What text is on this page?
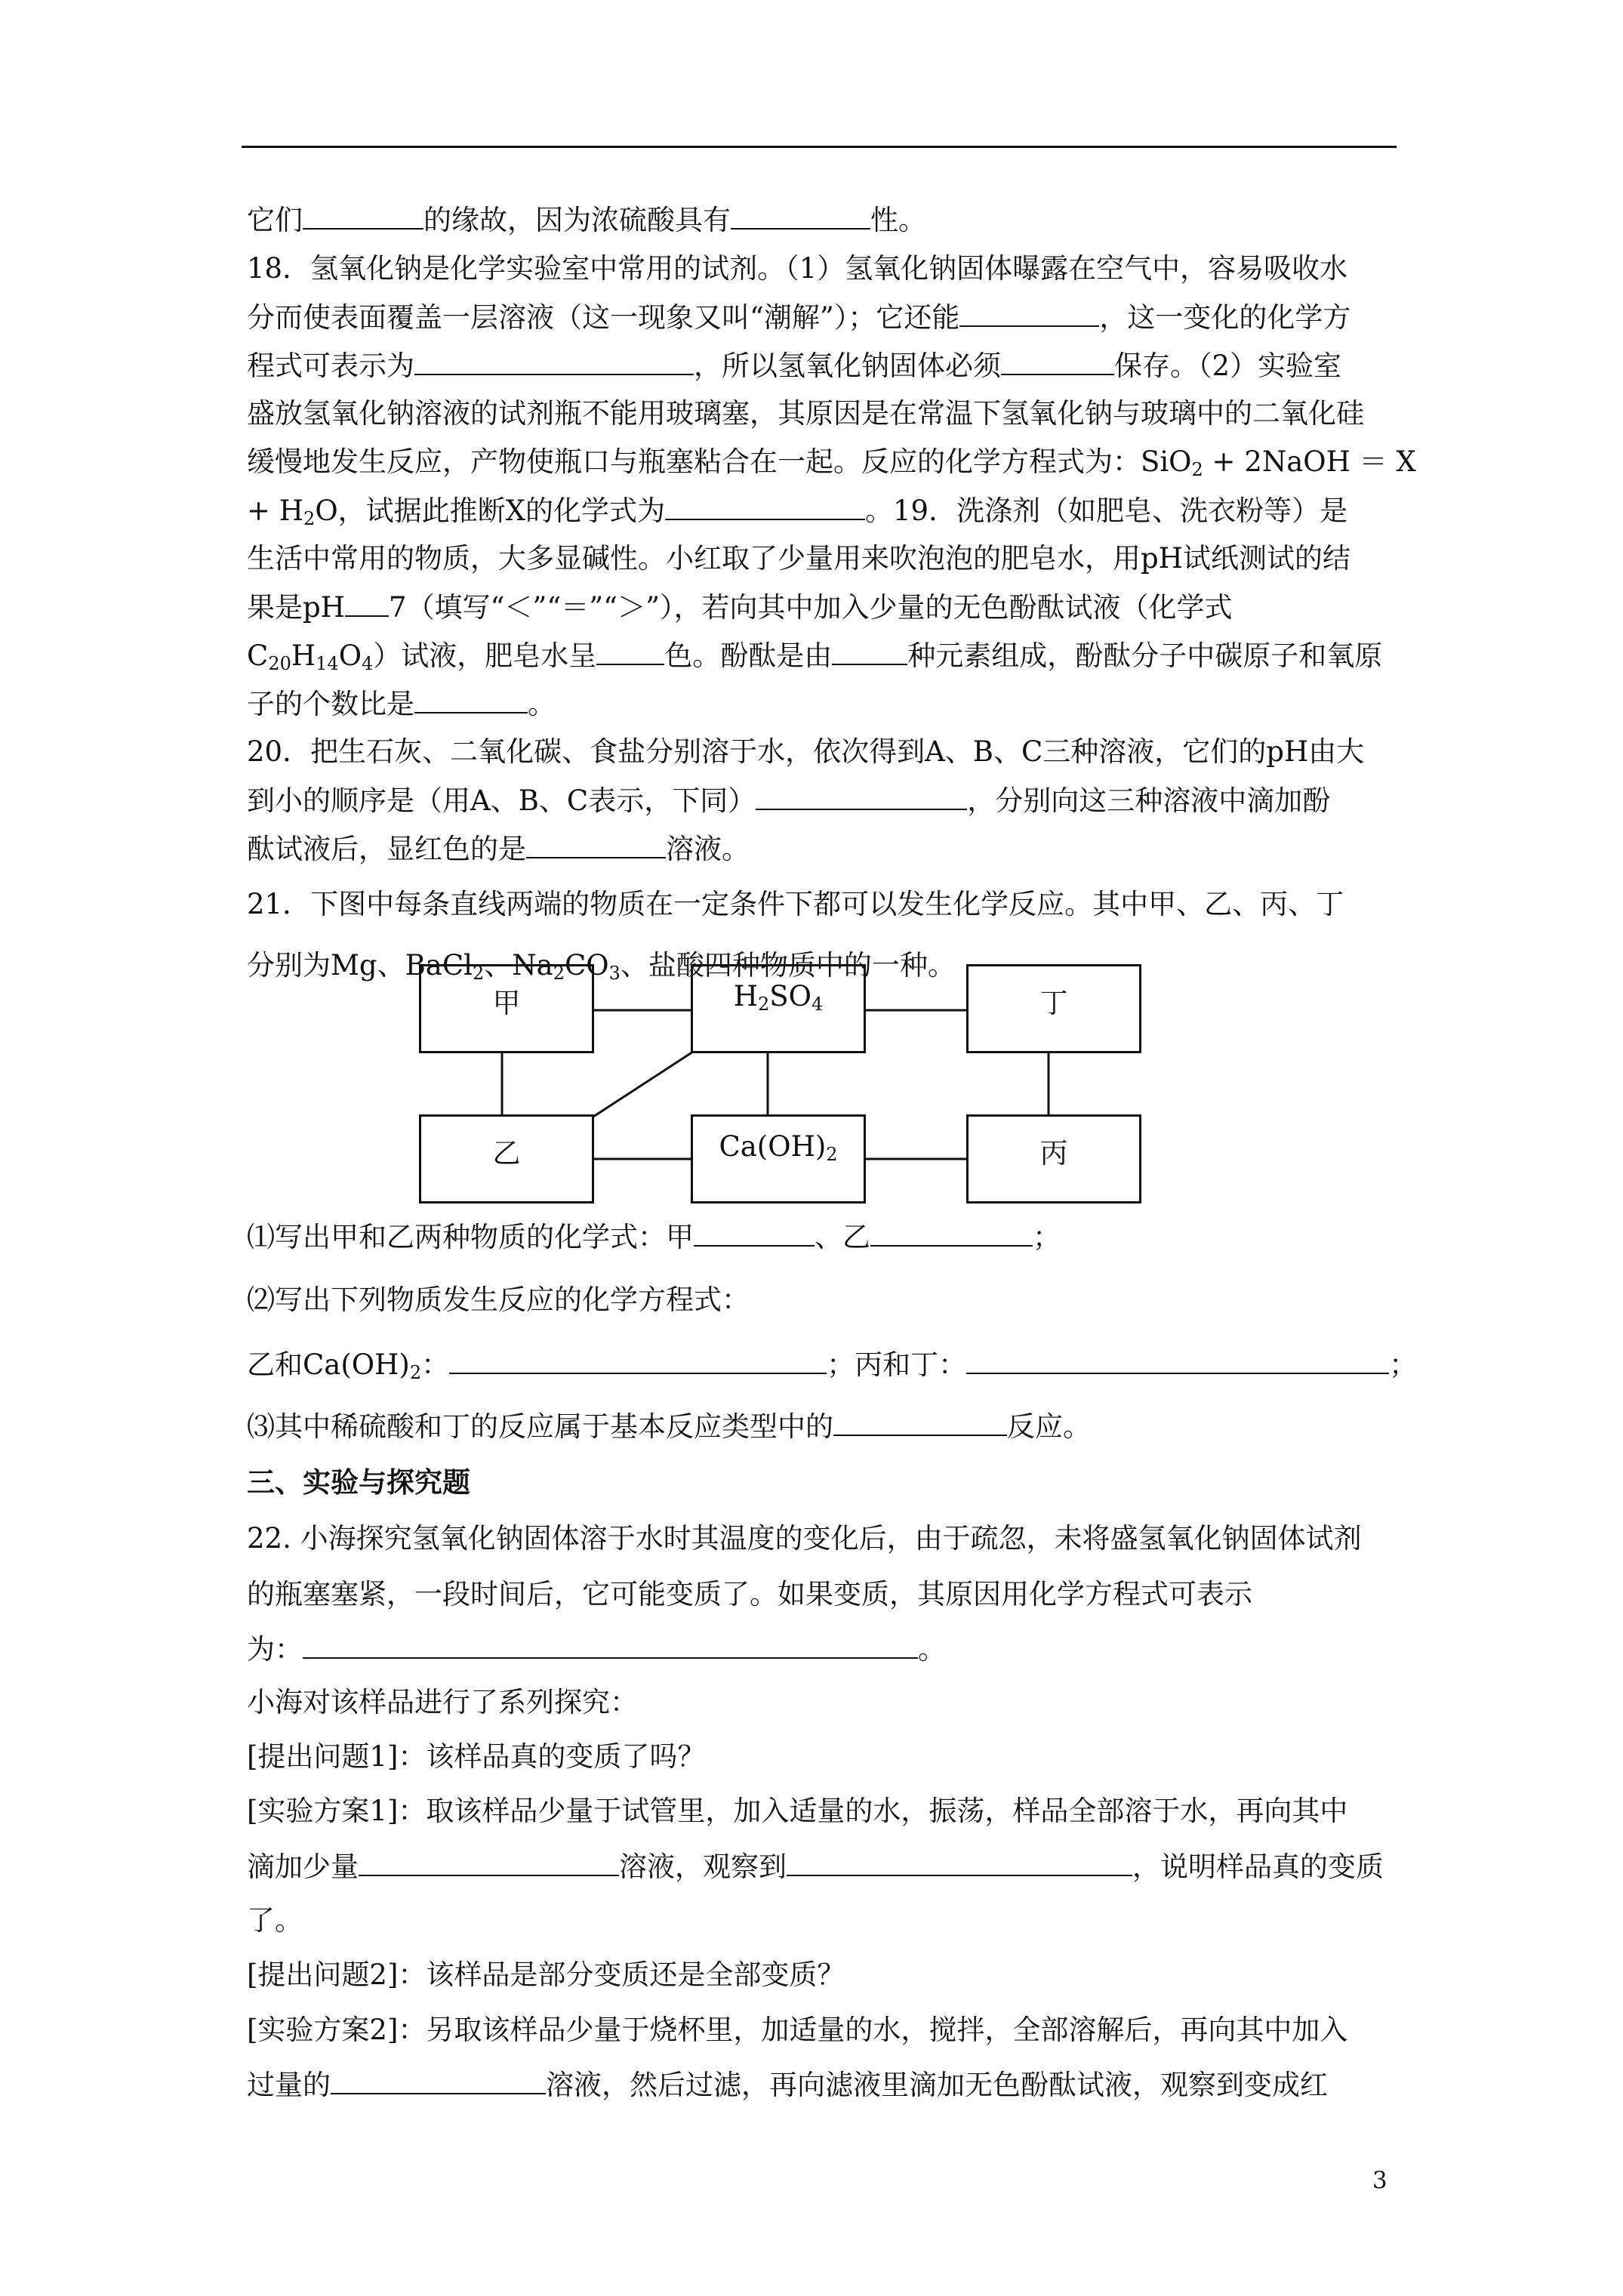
它们	的缘故，因为浓硫酸具有	性。
18．氢氧化钠是化学实验室中常用的试剂。（1）氢氧化钠固体曝露在空气中，容易吸收水
分而使表面覆盖一层溶液（这一现象又叫“潮解”）；它还能	，这一变化的化学方
程式可表示为	，所以氢氧化钠固体必须	保存。（2）实验室
盛放氢氧化钠溶液的试剂瓶不能用玻璃塞，其原因是在常温下氢氧化钠与玻璃中的二氧化硅
缓慢地发生反应，产物使瓶口与瓶塞粘合在一起。反应的化学方程式为：SiO$_2$ + 2NaOH ＝ X
+ $H_2O$，试据此推断X的化学式为	。19．洗涤剂（如肥皂、洗衣粉等）是
生活中常用的物质，大多显碱性。小红取了少量用来吹泡泡的肥皂水，用pH试纸测试的结
果是pH 7（填写“＜”“＝”“＞”），若向其中加入少量的无色酚酞试液（化学式
$C_{20}H_{14}O_4$）试液，肥皂水呈 色。酚酞是由	种元素组成，酚酞分子中碳原子和氧原
子的个数比是	。
20．把生石灰、二氧化碳、食盐分别溶于水，依次得到A、B、C三种溶液，它们的pH由大
到小的顺序是（用A、B、C表示，下同）	，分别向这三种溶液中滴加酚
酞试液后，显红色的是	溶液。
21．下图中每条直线两端的物质在一定条件下都可以发生化学反应。其中甲、乙、丙、丁
分别为Mg、BaCl$_2$、$Na_2CO_3$、盐酸四种物质中的一种。
甲	$H_2SO_4$	丁
乙	$Ca(OH)_2$	丙
⑴写出甲和乙两种物质的化学式：甲	、乙	；
⑵写出下列物质发生反应的化学方程式：
乙和$Ca(OH)_2$：	；丙和丁：	；
⑶其中稀硫酸和丁的反应属于基本反应类型中的	反应。
三、实验与探究题
22. 小海探究氢氧化钠固体溶于水时其温度的变化后，由于疏忽，未将盛氢氧化钠固体试剂
的瓶塞塞紧，一段时间后，它可能变质了。如果变质，其原因用化学方程式可表示
为：	。
小海对该样品进行了系列探究：
[提出问题1]：该样品真的变质了吗？
[实验方案1]：取该样品少量于试管里，加入适量的水，振荡，样品全部溶于水，再向其中
滴加少量	溶液，观察到	，说明样品真的变质
了。
[提出问题2]：该样品是部分变质还是全部变质？
[实验方案2]：另取该样品少量于烧杯里，加适量的水，搅拌，全部溶解后，再向其中加入
过量的	溶液，然后过滤，再向滤液里滴加无色酚酞试液，观察到变成红
3
